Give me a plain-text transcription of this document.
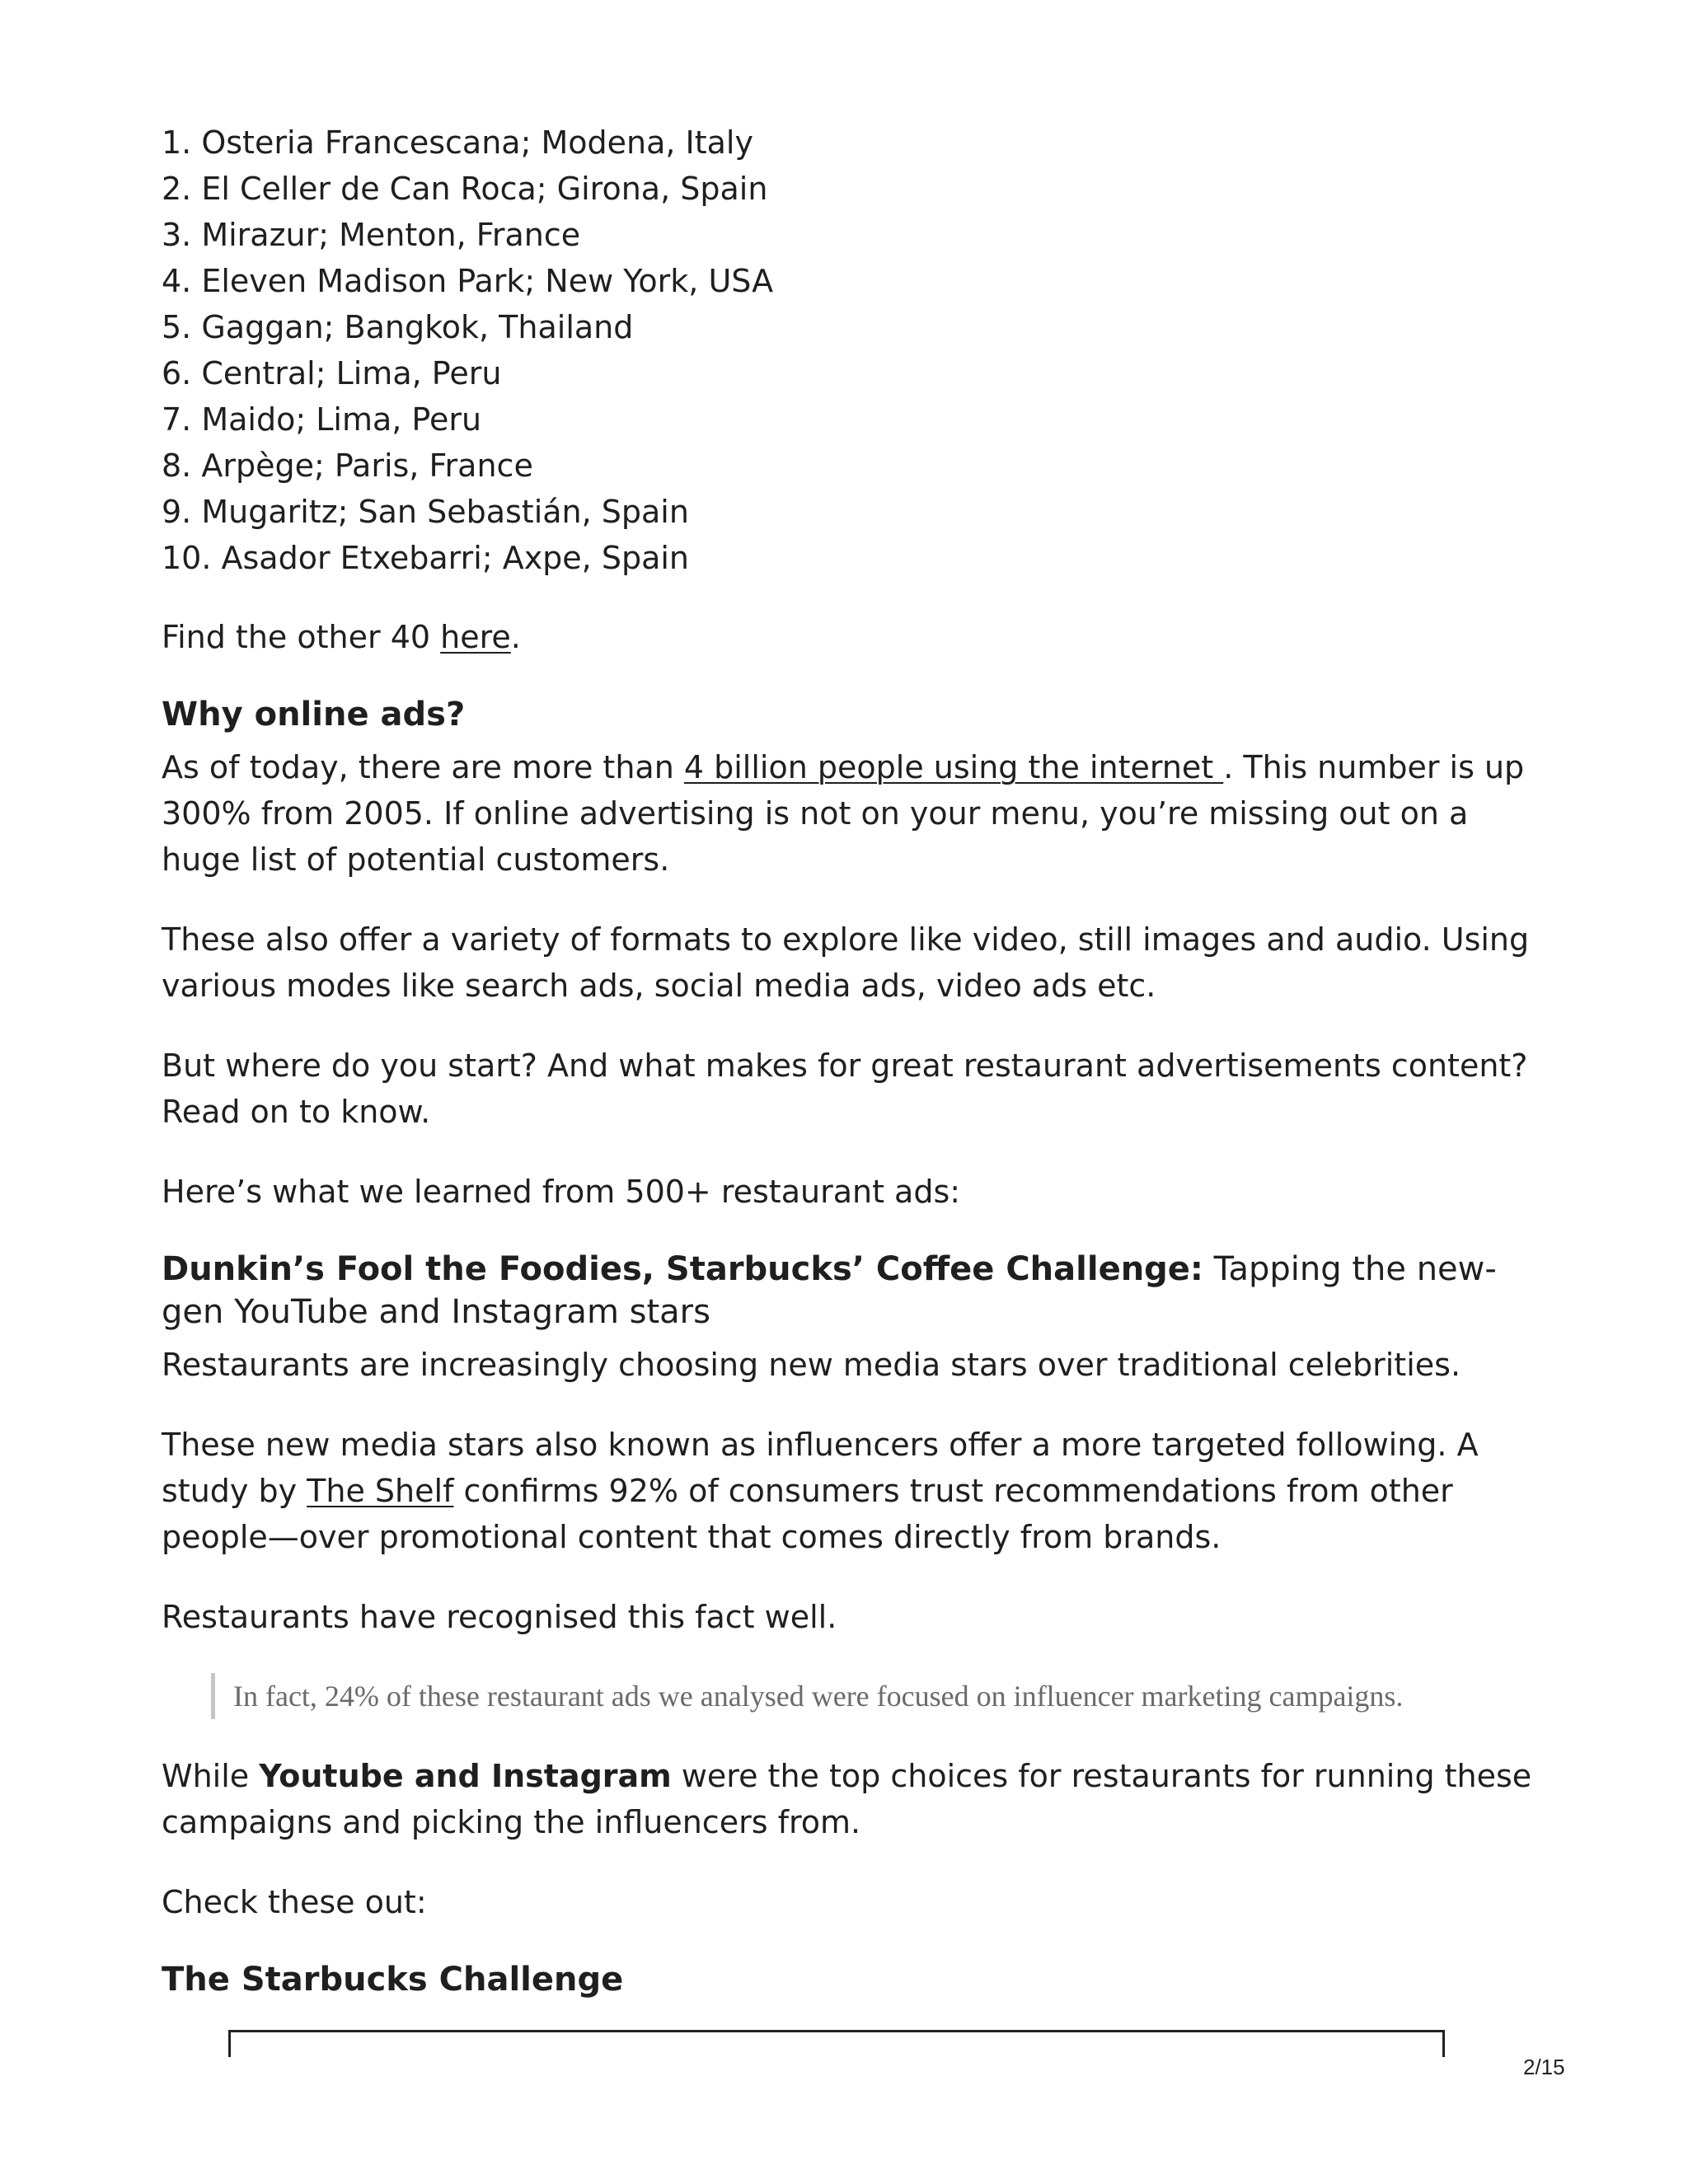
1. Osteria Francescana; Modena, Italy
2. El Celler de Can Roca; Girona, Spain
3. Mirazur; Menton, France
4. Eleven Madison Park; New York, USA
5. Gaggan; Bangkok, Thailand
6. Central; Lima, Peru
7. Maido; Lima, Peru
8. Arpège; Paris, France
9. Mugaritz; San Sebastián, Spain
10. Asador Etxebarri; Axpe, Spain

Find the other 40 here.

Why online ads?

As of today, there are more than 4 billion people using the internet . This number is up 300% from 2005. If online advertising is not on your menu, you’re missing out on a huge list of potential customers.

These also offer a variety of formats to explore like video, still images and audio. Using various modes like search ads, social media ads, video ads etc.

But where do you start? And what makes for great restaurant advertisements content? Read on to know.

Here’s what we learned from 500+ restaurant ads:

Dunkin’s Fool the Foodies, Starbucks’ Coffee Challenge: Tapping the new-gen YouTube and Instagram stars

Restaurants are increasingly choosing new media stars over traditional celebrities.

These new media stars also known as influencers offer a more targeted following. A study by The Shelf confirms 92% of consumers trust recommendations from other people—over promotional content that comes directly from brands.

Restaurants have recognised this fact well.

In fact, 24% of these restaurant ads we analysed were focused on influencer marketing campaigns.

While Youtube and Instagram were the top choices for restaurants for running these campaigns and picking the influencers from.

Check these out:

The Starbucks Challenge
2/15
